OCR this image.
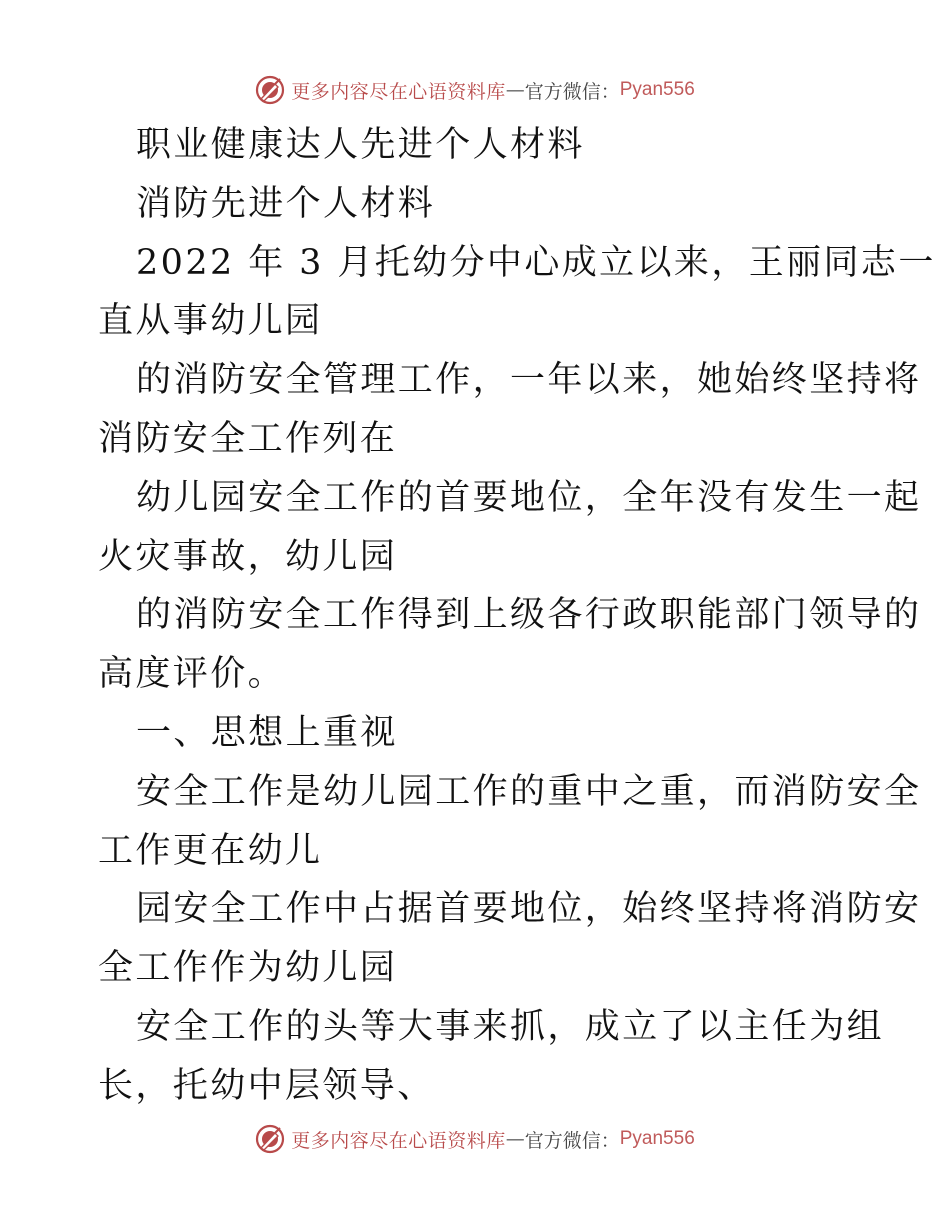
更多内容尽在心语资料库 — 官方微信： Pyan556
职业健康达人先进个人材料
消防先进个人材料
2022 年 3 月托幼分中心成立以来，王丽同志一
直从事幼儿园
的消防安全管理工作，一年以来，她始终坚持将
消防安全工作列在
幼儿园安全工作的首要地位，全年没有发生一起
火灾事故，幼儿园
的消防安全工作得到上级各行政职能部门领导的
高度评价。
一、思想上重视
安全工作是幼儿园工作的重中之重，而消防安全
工作更在幼儿
园安全工作中占据首要地位，始终坚持将消防安
全工作作为幼儿园
安全工作的头等大事来抓，成立了以主任为组
长，托幼中层领导、
更多内容尽在心语资料库 — 官方微信： Pyan556
